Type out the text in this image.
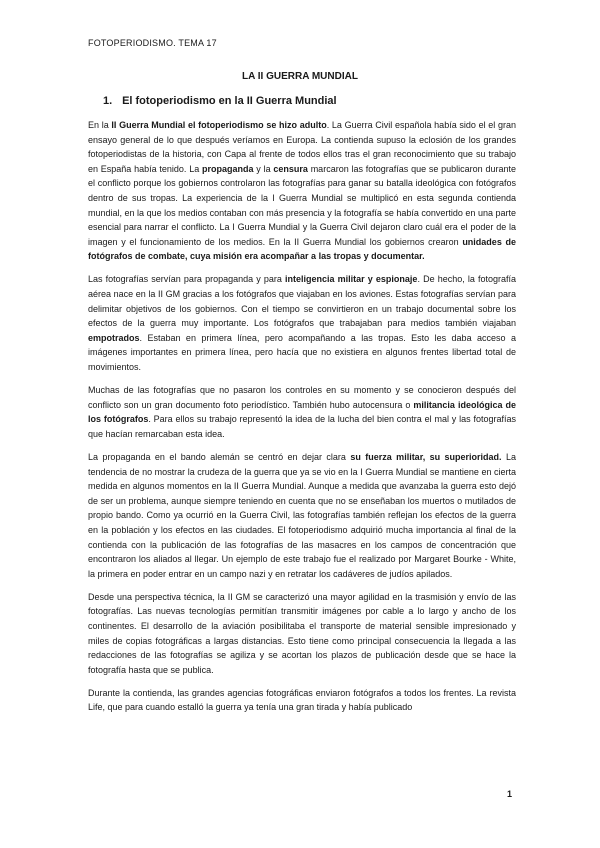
FOTOPERIODISMO. TEMA 17
LA II GUERRA MUNDIAL
1. El fotoperiodismo en la II Guerra Mundial

En la II Guerra Mundial el fotoperiodismo se hizo adulto. La Guerra Civil española había sido el el gran ensayo general de lo que después veríamos en Europa. La contienda supuso la eclosión de los grandes fotoperiodistas de la historia, con Capa al frente de todos ellos tras el gran reconocimiento que su trabajo en España había tenido. La propaganda y la censura marcaron las fotografías que se publicaron durante el conflicto porque los gobiernos controlaron las fotografías para ganar su batalla ideológica con fotógrafos dentro de sus tropas. La experiencia de la I Guerra Mundial se multiplicó en esta segunda contienda mundial, en la que los medios contaban con más presencia y la fotografía se había convertido en una parte esencial para narrar el conflicto. La I Guerra Mundial y la Guerra Civil dejaron claro cuál era el poder de la imagen y el funcionamiento de los medios. En la II Guerra Mundial los gobiernos crearon unidades de fotógrafos de combate, cuya misión era acompañar a las tropas y documentar.

Las fotografías servían para propaganda y para inteligencia militar y espionaje. De hecho, la fotografía aérea nace en la II GM gracias a los fotógrafos que viajaban en los aviones. Estas fotografías servían para delimitar objetivos de los gobiernos. Con el tiempo se convirtieron en un trabajo documental sobre los efectos de la guerra muy importante. Los fotógrafos que trabajaban para medios también viajaban empotrados. Estaban en primera línea, pero acompañando a las tropas. Esto les daba acceso a imágenes importantes en primera línea, pero hacía que no existiera en algunos frentes libertad total de movimientos.

Muchas de las fotografías que no pasaron los controles en su momento y se conocieron después del conflicto son un gran documento foto periodístico. También hubo autocensura o militancia ideológica de los fotógrafos. Para ellos su trabajo representó la idea de la lucha del bien contra el mal y las fotografías que hacían remarcaban esta idea.

La propaganda en el bando alemán se centró en dejar clara su fuerza militar, su superioridad. La tendencia de no mostrar la crudeza de la guerra que ya se vio en la I Guerra Mundial se mantiene en cierta medida en algunos momentos en la II Guerra Mundial. Aunque a medida que avanzaba la guerra esto dejó de ser un problema, aunque siempre teniendo en cuenta que no se enseñaban los muertos o mutilados de propio bando. Como ya ocurrió en la Guerra Civil, las fotografías también reflejan los efectos de la guerra en la población y los efectos en las ciudades. El fotoperiodismo adquirió mucha importancia al final de la contienda con la publicación de las fotografías de las masacres en los campos de concentración que encontraron los aliados al llegar. Un ejemplo de este trabajo fue el realizado por Margaret Bourke - White, la primera en poder entrar en un campo nazi y en retratar los cadáveres de judíos apilados.

Desde una perspectiva técnica, la II GM se caracterizó una mayor agilidad en la trasmisión y envío de las fotografías. Las nuevas tecnologías permitían transmitir imágenes por cable a lo largo y ancho de los continentes. El desarrollo de la aviación posibilitaba el transporte de material sensible impresionado y miles de copias fotográficas a largas distancias. Esto tiene como principal consecuencia la llegada a las redacciones de las fotografías se agiliza y se acortan los plazos de publicación desde que se hace la fotografía hasta que se publica.

Durante la contienda, las grandes agencias fotográficas enviaron fotógrafos a todos los frentes. La revista Life, que para cuando estalló la guerra ya tenía una gran tirada y había publicado

1
